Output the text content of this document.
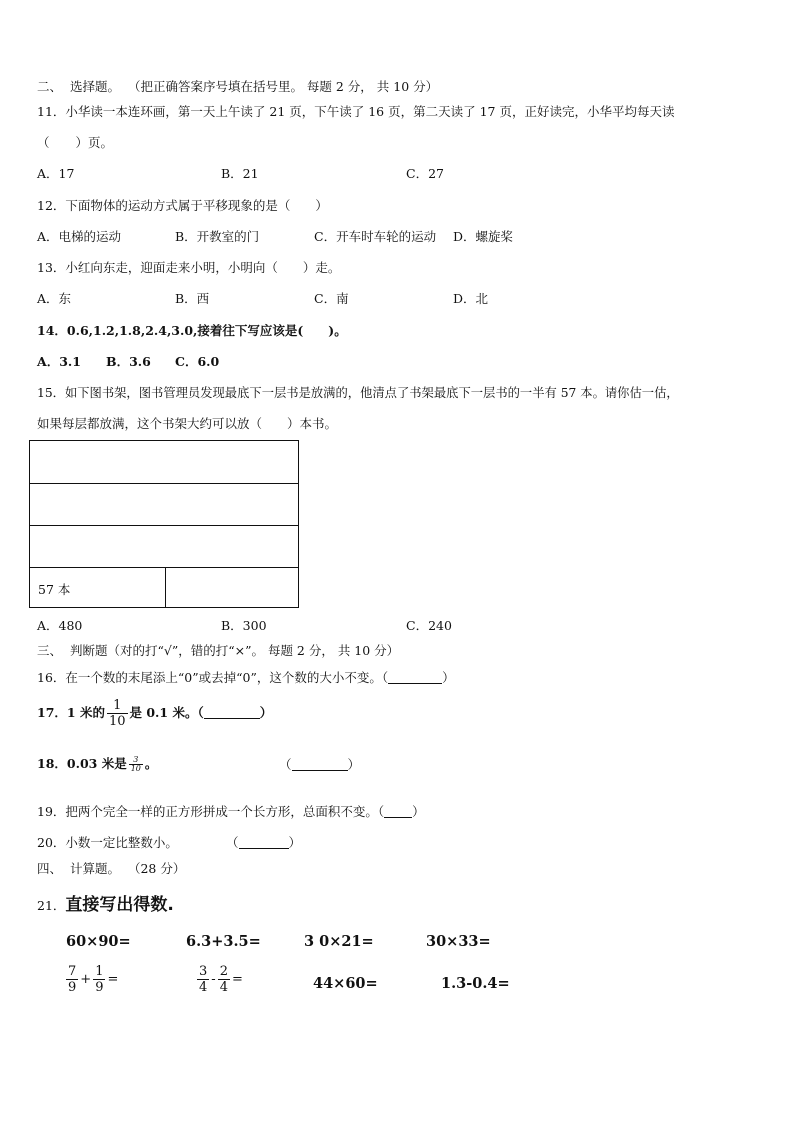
二、 选择题。 （把正确答案序号填在括号里。 每题 2 分， 共 10 分）
11．小华读一本连环画，第一天上午读了 21 页，下午读了 16 页，第二天读了 17 页，正好读完，小华平均每天读
（ ）页。
A．17	B．21	C．27
12．下面物体的运动方式属于平移现象的是（　　）
A．电梯的运动	B．开教室的门	C．开车时车轮的运动 D．螺旋桨
13．小红向东走，迎面走来小明，小明向（　　）走。
A．东	B．西	C．南	D．北
14．0.6,1.2,1.8,2.4,3.0,接着往下写应该是(　　)。
A．3.1 B．3.6 C．6.0
15．如下图书架，图书管理员发现最底下一层书是放满的，他清点了书架最底下一层书的一半有 57 本。请你估一估，
如果每层都放满，这个书架大约可以放（　　）本书。
57 本
A．480	B．300	C．240
三、 判断题（对的打“√”，错的打“×”。 每题 2 分， 共 10 分）
16．在一个数的末尾添上“0”或去掉“0”，这个数的大小不变。（	）
17．1 米的 $\frac{1}{10}$ 是 0.1 米。（	）
18．0.03 米是 $\frac{3}{10}$ 。	（	）
19．把两个完全一样的正方形拼成一个长方形，总面积不变。（ ）
20．小数一定比整数小。	（	）
四、 计算题。 （28 分）
21．直接写出得数.
60×90=	6.3+3.5=	3 0×21=	30×33=
$\frac{7}{9} + \frac{1}{9}$ =	$\frac{3}{4} - \frac{2}{4}$ =	44×60=	1.3-0.4=
